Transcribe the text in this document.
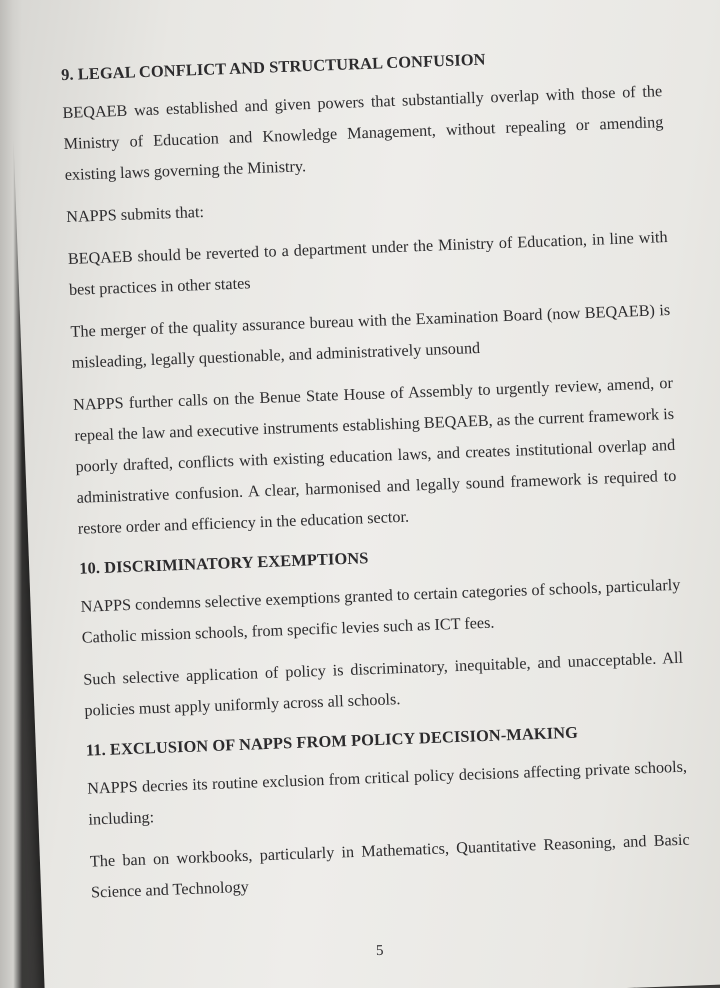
9. LEGAL CONFLICT AND STRUCTURAL CONFUSION

BEQAEB was established and given powers that substantially overlap with those of the Ministry of Education and Knowledge Management, without repealing or amending existing laws governing the Ministry.

NAPPS submits that:

BEQAEB should be reverted to a department under the Ministry of Education, in line with best practices in other states

The merger of the quality assurance bureau with the Examination Board (now BEQAEB) is misleading, legally questionable, and administratively unsound

NAPPS further calls on the Benue State House of Assembly to urgently review, amend, or repeal the law and executive instruments establishing BEQAEB, as the current framework is poorly drafted, conflicts with existing education laws, and creates institutional overlap and administrative confusion. A clear, harmonised and legally sound framework is required to restore order and efficiency in the education sector.

10. DISCRIMINATORY EXEMPTIONS

NAPPS condemns selective exemptions granted to certain categories of schools, particularly Catholic mission schools, from specific levies such as ICT fees.

Such selective application of policy is discriminatory, inequitable, and unacceptable. All policies must apply uniformly across all schools.

11. EXCLUSION OF NAPPS FROM POLICY DECISION-MAKING

NAPPS decries its routine exclusion from critical policy decisions affecting private schools, including:

The ban on workbooks, particularly in Mathematics, Quantitative Reasoning, and Basic Science and Technology

5
